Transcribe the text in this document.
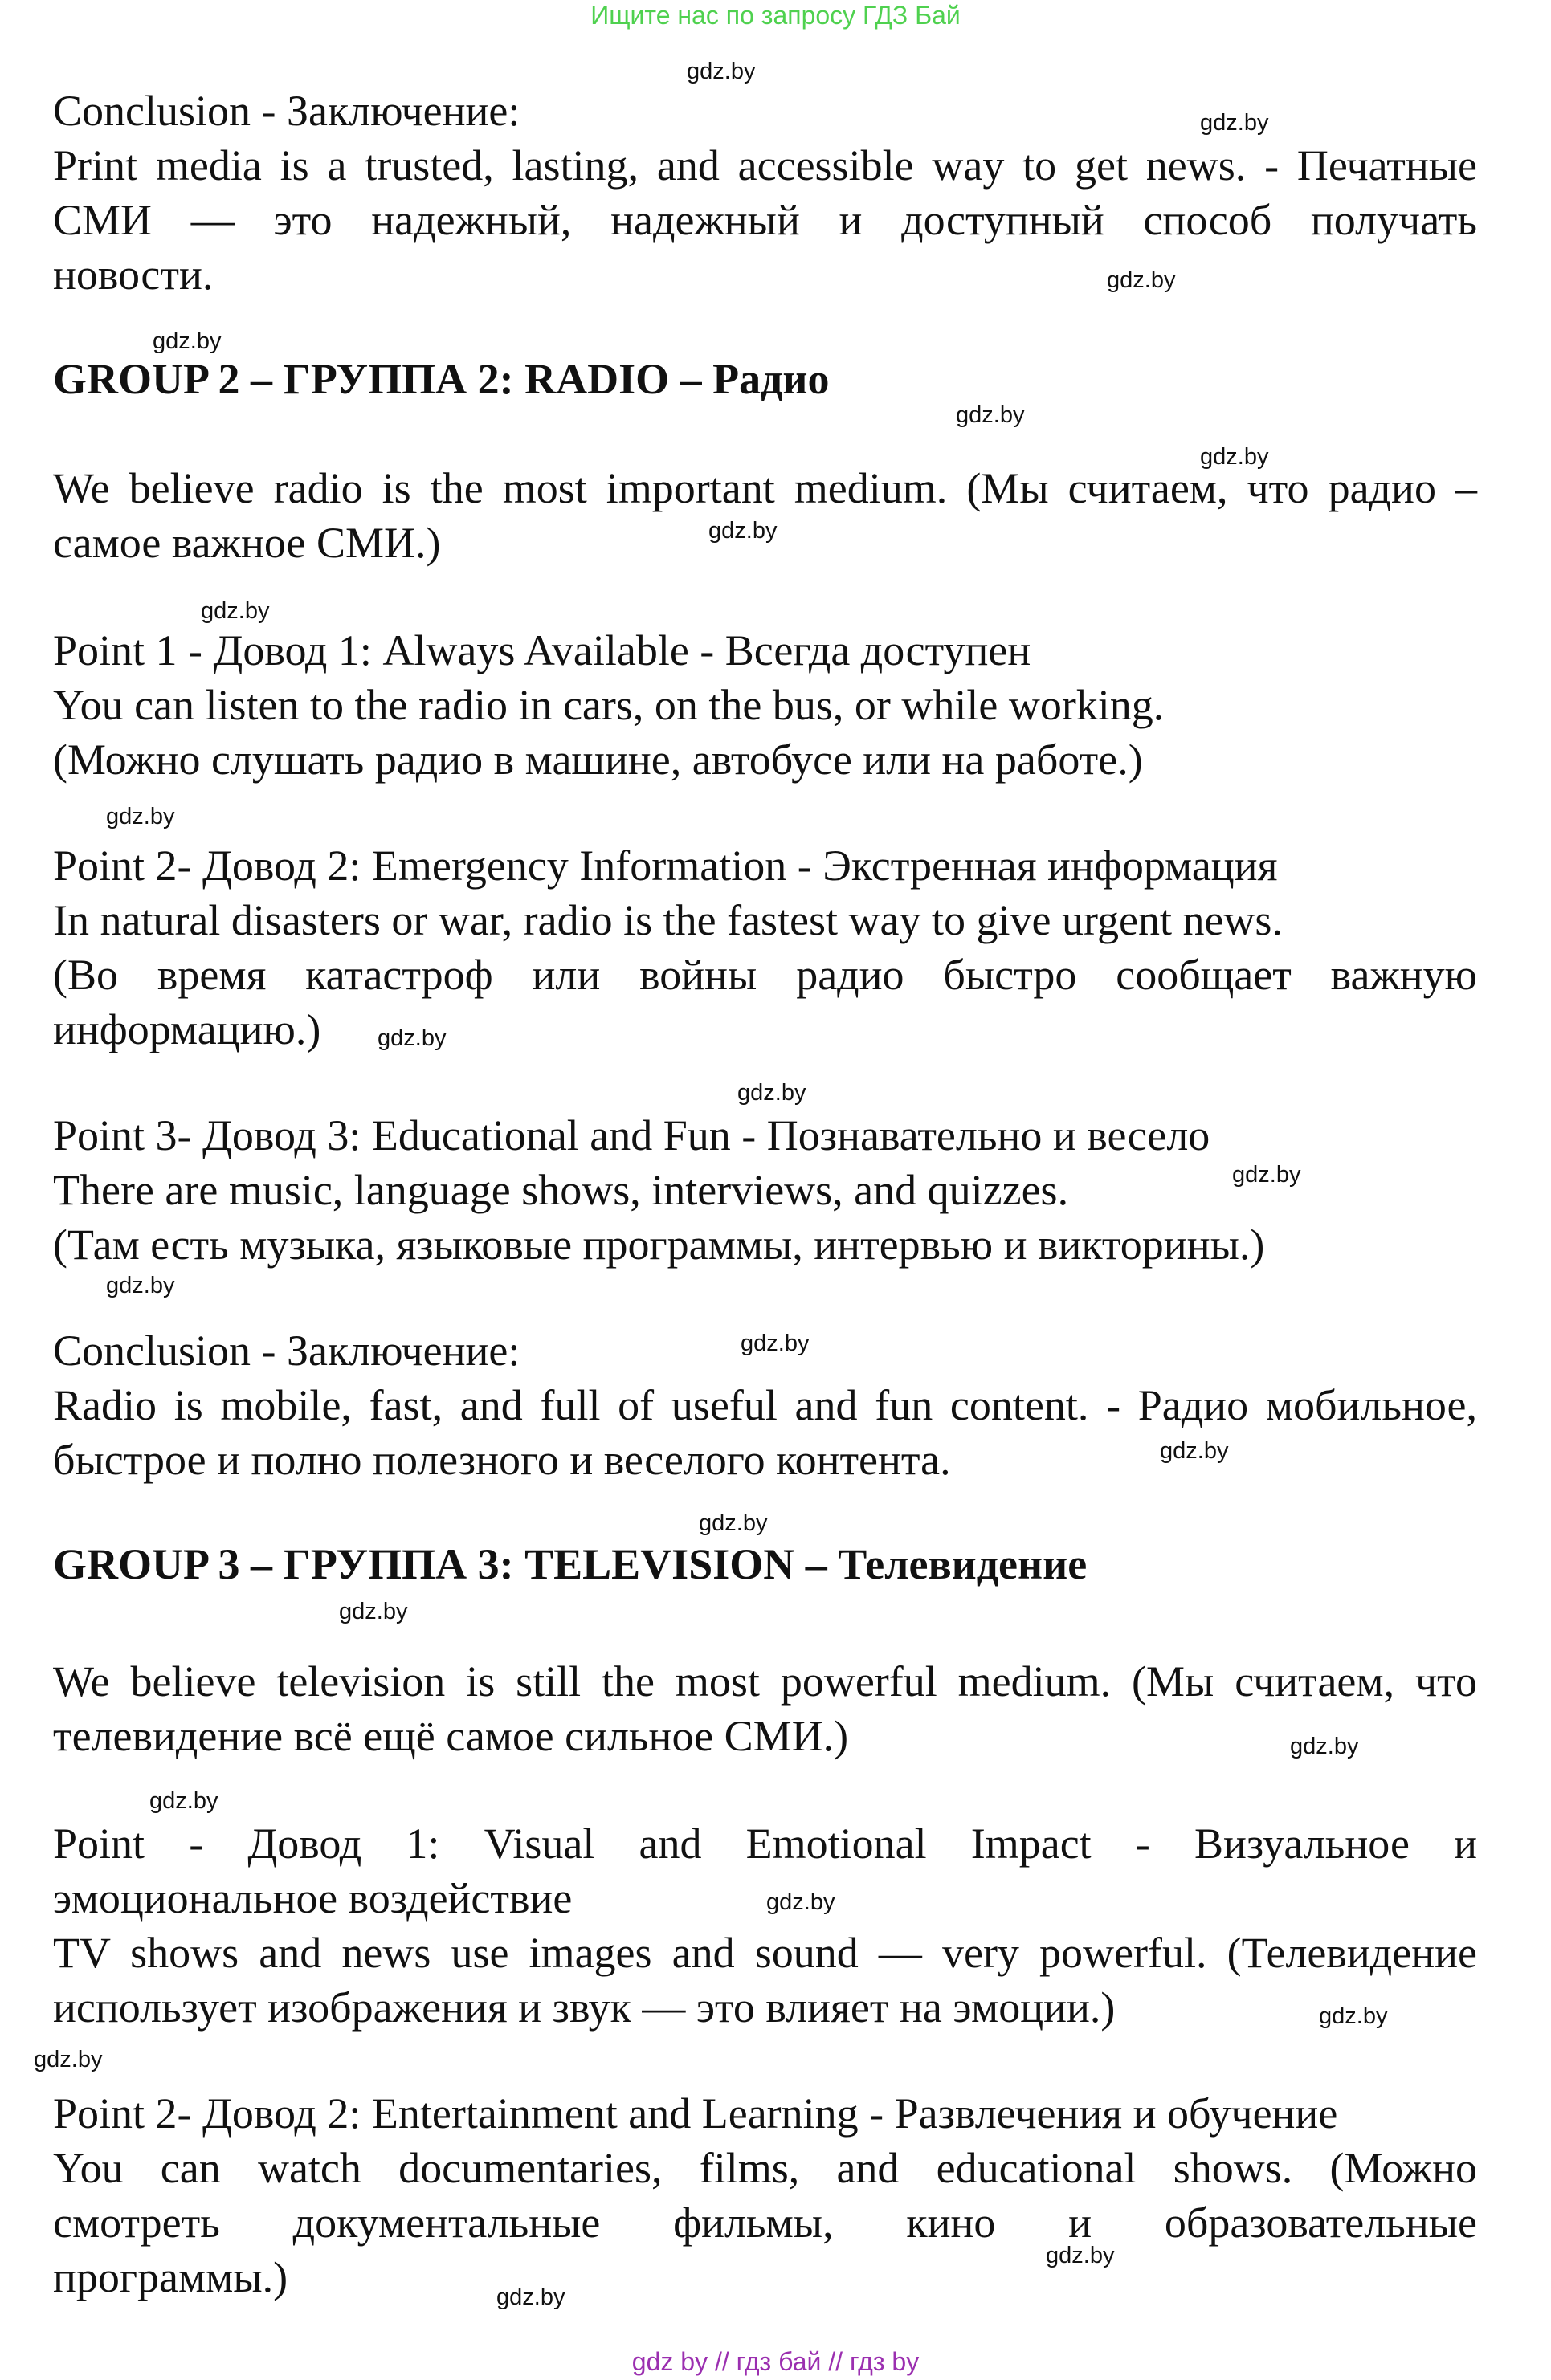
Ищите нас по запросу ГДЗ Бай
Conclusion - Заключение:
Print media is a trusted, lasting, and accessible way to get news. - Печатные
СМИ — это надежный, надежный и доступный способ получать
новости.
GROUP 2 – ГРУППА 2: RADIO – Радио
We believe radio is the most important medium. (Мы считаем, что радио –
самое важное СМИ.)
Point 1 - Довод 1: Always Available - Всегда доступен
You can listen to the radio in cars, on the bus, or while working.
(Можно слушать радио в машине, автобусе или на работе.)
Point 2- Довод 2: Emergency Information - Экстренная информация
In natural disasters or war, radio is the fastest way to give urgent news.
(Во время катастроф или войны радио быстро сообщает важную
информацию.)
Point 3- Довод 3: Educational and Fun - Познавательно и весело
There are music, language shows, interviews, and quizzes.
(Там есть музыка, языковые программы, интервью и викторины.)
Conclusion - Заключение:
Radio is mobile, fast, and full of useful and fun content. - Радио мобильное,
быстрое и полно полезного и веселого контента.
GROUP 3 – ГРУППА 3: TELEVISION – Телевидение
We believe television is still the most powerful medium. (Мы считаем, что
телевидение всё ещё самое сильное СМИ.)
Point - Довод 1: Visual and Emotional Impact - Визуальное и
эмоциональное воздействие
TV shows and news use images and sound — very powerful. (Телевидение
использует изображения и звук — это влияет на эмоции.)
Point 2- Довод 2: Entertainment and Learning - Развлечения и обучение
You can watch documentaries, films, and educational shows. (Можно
смотреть документальные фильмы, кино и образовательные
программы.)
gdz.by
gdz.by
gdz.by
gdz.by
gdz.by
gdz.by
gdz.by
gdz.by
gdz.by
gdz.by
gdz.by
gdz.by
gdz.by
gdz.by
gdz.by
gdz.by
gdz.by
gdz.by
gdz.by
gdz.by
gdz.by
gdz.by
gdz.by
gdz.by
gdz by // гдз бай // гдз by
